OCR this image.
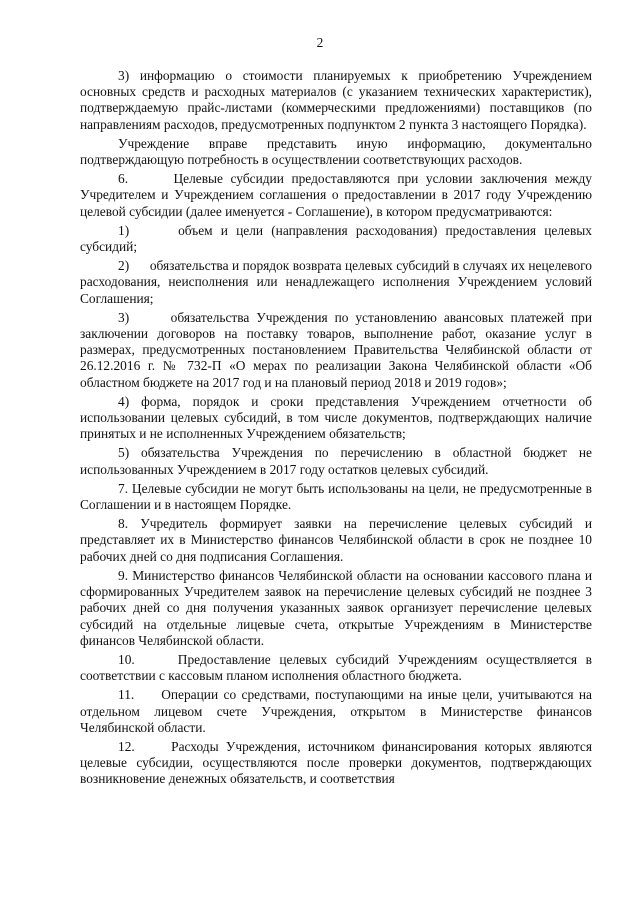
2

3) информацию о стоимости планируемых к приобретению Учреждением основных средств и расходных материалов (с указанием технических характеристик), подтверждаемую прайс-листами (коммерческими предложениями) поставщиков (по направлениям расходов, предусмотренных подпунктом 2 пункта 3 настоящего Порядка).

Учреждение вправе представить иную информацию, документально подтверждающую потребность в осуществлении соответствующих расходов.

6.      Целевые субсидии предоставляются при условии заключения между Учредителем и Учреждением соглашения о предоставлении в 2017 году Учреждению целевой субсидии (далее именуется - Соглашение), в котором предусматриваются:

1)      объем и цели (направления расходования) предоставления целевых субсидий;

2)      обязательства и порядок возврата целевых субсидий в случаях их нецелевого расходования, неисполнения или ненадлежащего исполнения Учреждением условий Соглашения;

3)      обязательства Учреждения по установлению авансовых платежей при заключении договоров на поставку товаров, выполнение работ, оказание услуг в размерах, предусмотренных постановлением Правительства Челябинской области от 26.12.2016 г. № 732-П «О мерах по реализации Закона Челябинской области «Об областном бюджете на 2017 год и на плановый период 2018 и 2019 годов»;

4) форма, порядок и сроки представления Учреждением отчетности об использовании целевых субсидий, в том числе документов, подтверждающих наличие принятых и не исполненных Учреждением обязательств;

5) обязательства Учреждения по перечислению в областной бюджет не использованных Учреждением в 2017 году остатков целевых субсидий.

7. Целевые субсидии не могут быть использованы на цели, не предусмотренные в Соглашении и в настоящем Порядке.

8. Учредитель формирует заявки на перечисление целевых субсидий и представляет их в Министерство финансов Челябинской области в срок не позднее 10 рабочих дней со дня подписания Соглашения.

9. Министерство финансов Челябинской области на основании кассового плана и сформированных Учредителем заявок на перечисление целевых субсидий не позднее 3 рабочих дней со дня получения указанных заявок организует перечисление целевых субсидий на отдельные лицевые счета, открытые Учреждениям в Министерстве финансов Челябинской области.

10.     Предоставление целевых субсидий Учреждениям осуществляется в соответствии с кассовым планом исполнения областного бюджета.

11.     Операции со средствами, поступающими на иные цели, учитываются на отдельном лицевом счете Учреждения, открытом в Министерстве финансов Челябинской области.

12.     Расходы Учреждения, источником финансирования которых являются целевые субсидии, осуществляются после проверки документов, подтверждающих возникновение денежных обязательств, и соответствия
